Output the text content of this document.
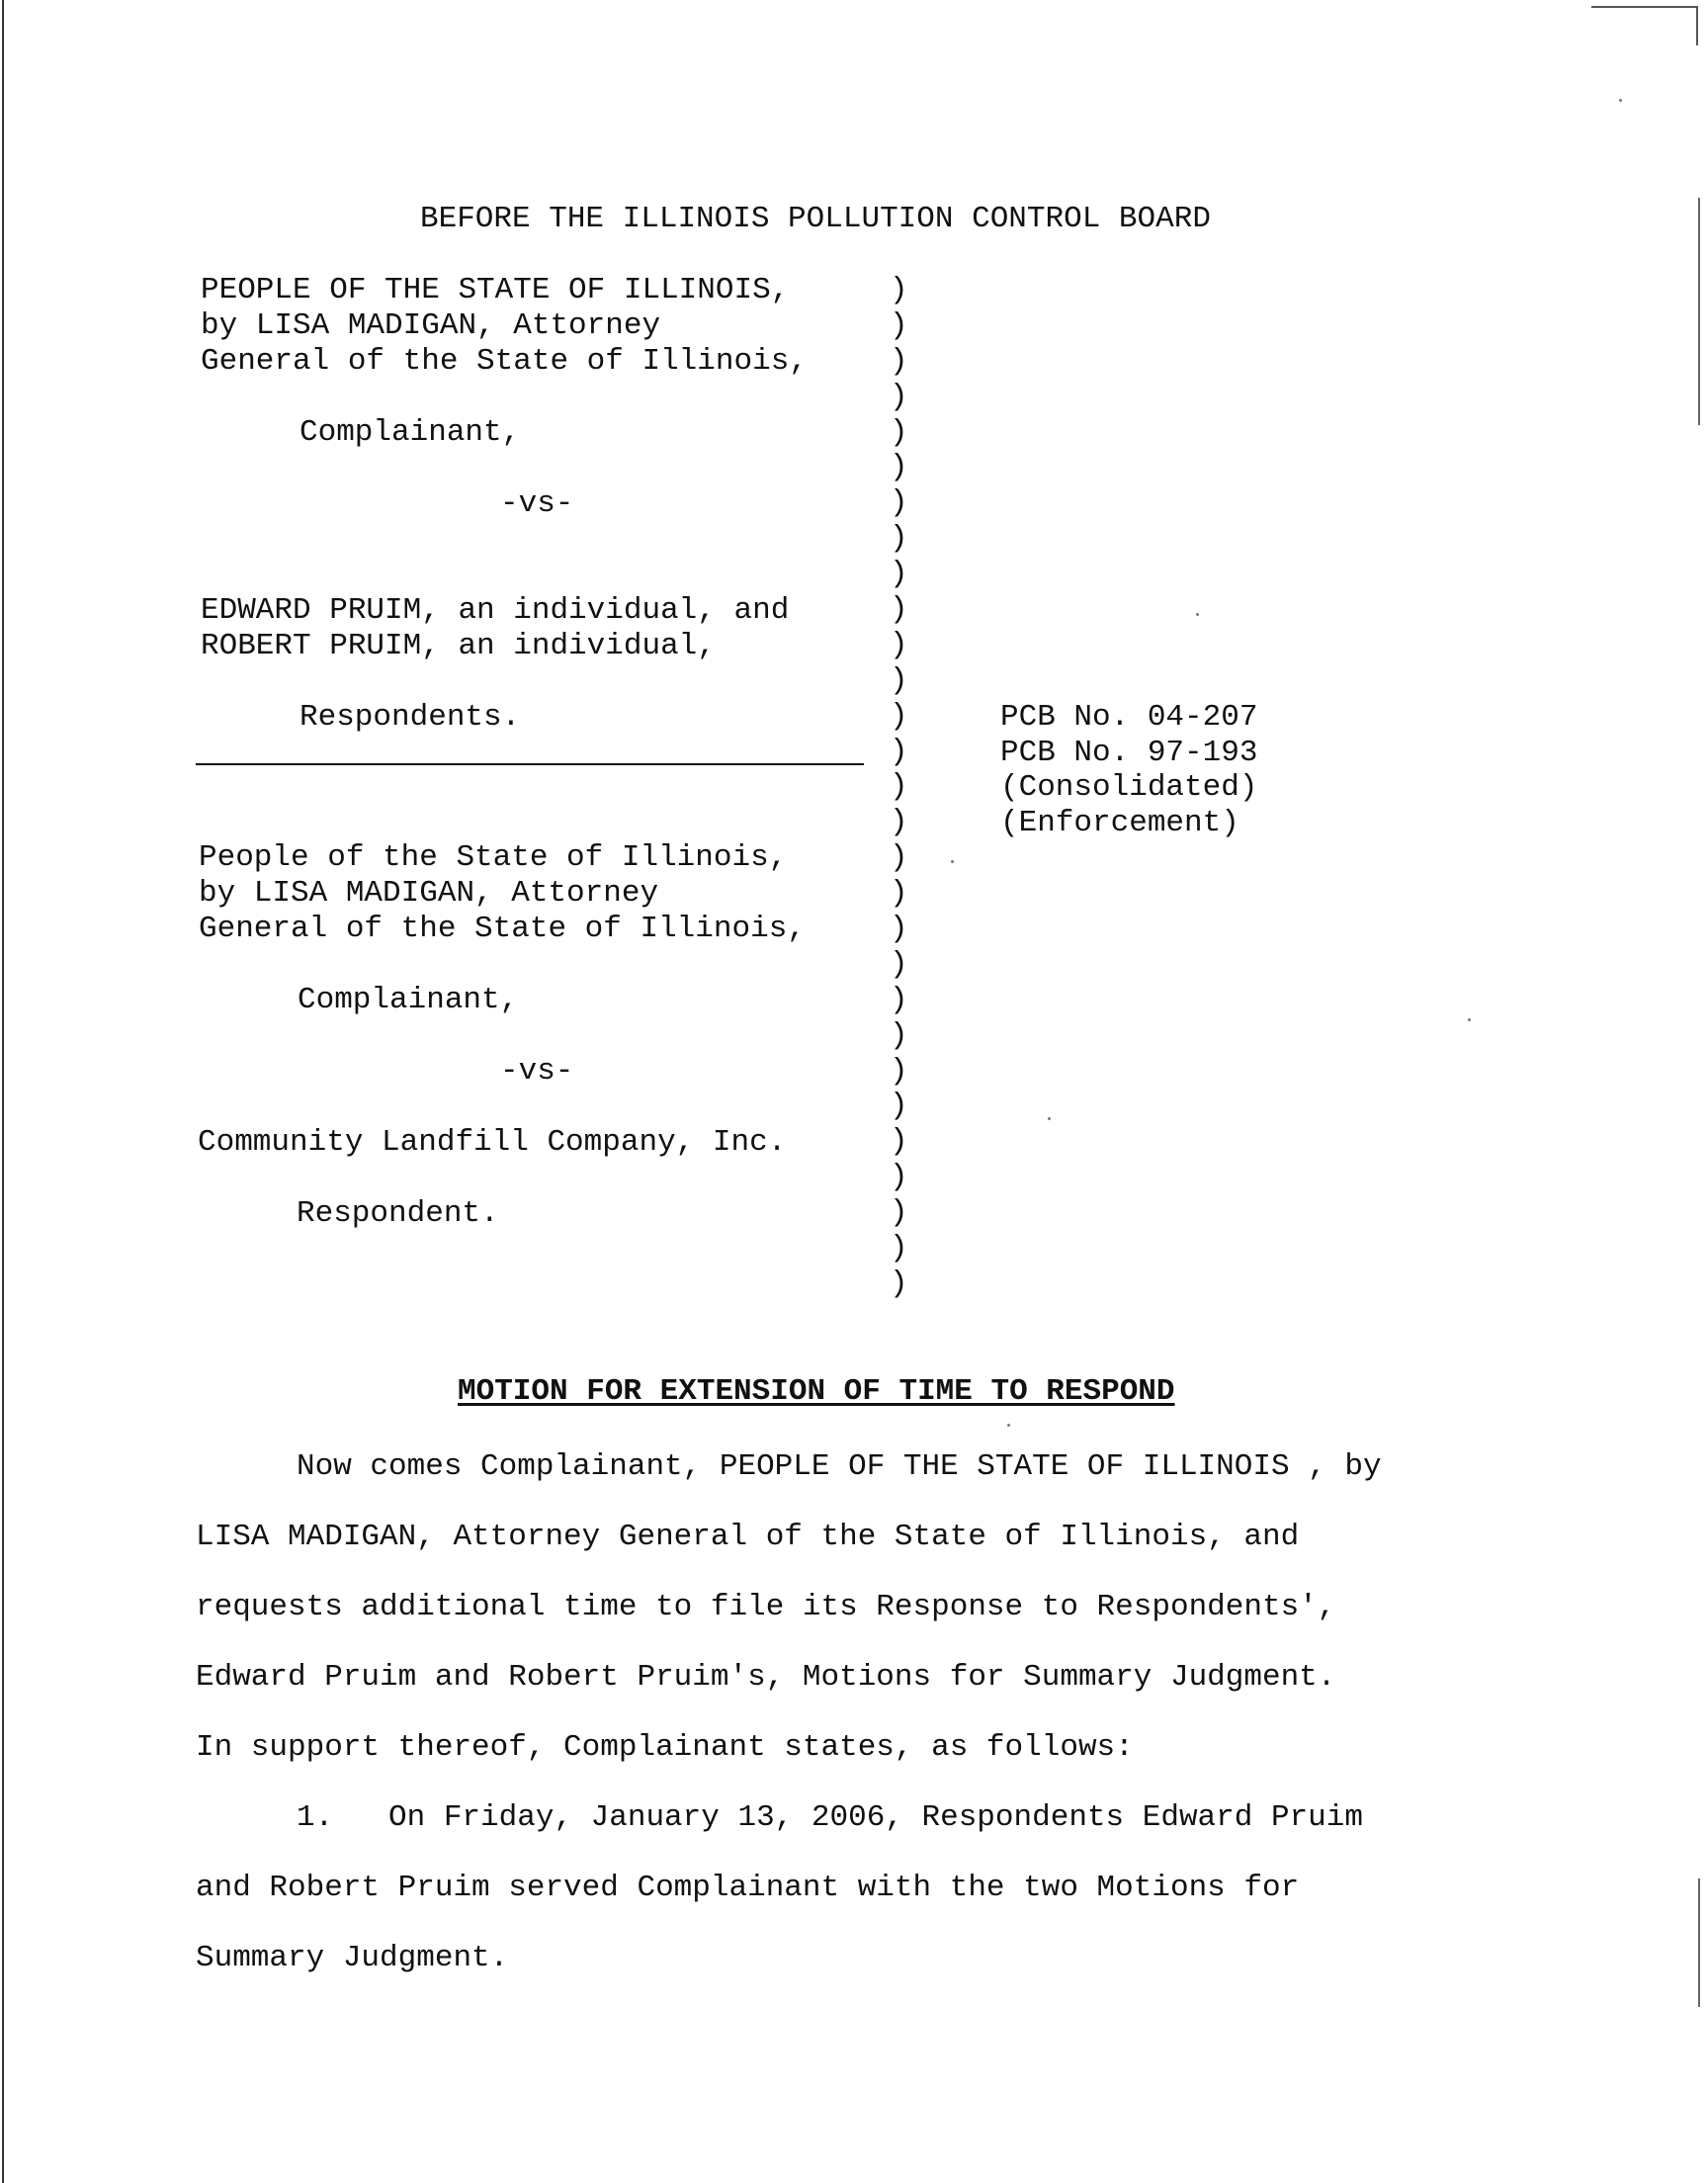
BEFORE THE ILLINOIS POLLUTION CONTROL BOARD
PEOPLE OF THE STATE OF ILLINOIS,
by LISA MADIGAN, Attorney
General of the State of Illinois,
Complainant,
-vs-
EDWARD PRUIM, an individual, and
ROBERT PRUIM, an individual,
Respondents.	PCB No. 04-207
PCB No. 97-193
(Consolidated)
(Enforcement)
People of the State of Illinois,
by LISA MADIGAN, Attorney
General of the State of Illinois,
Complainant,
-vs-
Community Landfill Company, Inc.
Respondent.
)
)
)
)
)
)
)
)
)
)
)
)
)
)
)
)
)
)
)
)
)
)
)
)
)
)
)
)
)
MOTION FOR EXTENSION OF TIME TO RESPOND
Now comes Complainant, PEOPLE OF THE STATE OF ILLINOIS , by
LISA MADIGAN, Attorney General of the State of Illinois, and
requests additional time to file its Response to Respondents',
Edward Pruim and Robert Pruim's, Motions for Summary Judgment.
In support thereof, Complainant states, as follows:
1.   On Friday, January 13, 2006, Respondents Edward Pruim
and Robert Pruim served Complainant with the two Motions for
Summary Judgment.
